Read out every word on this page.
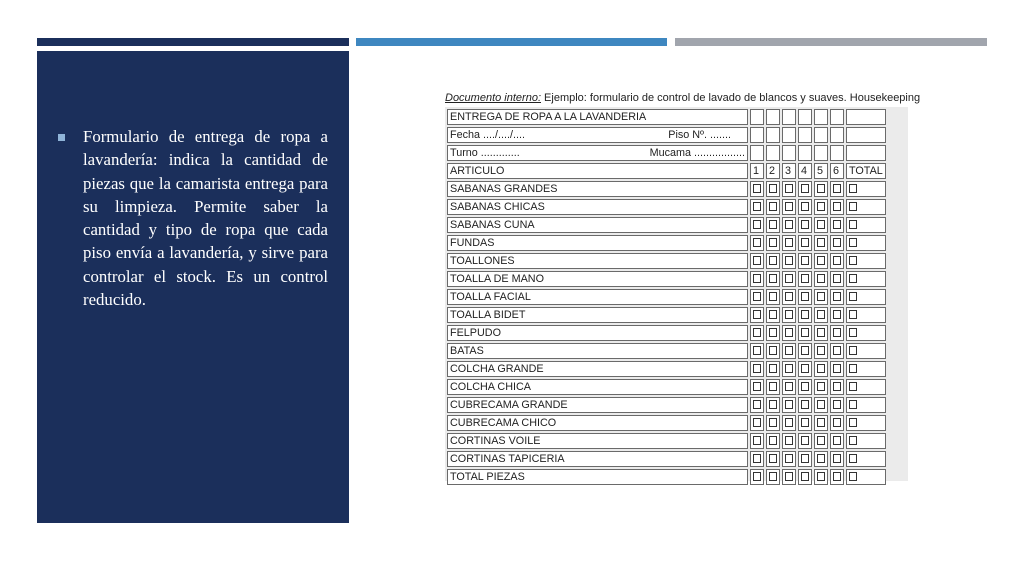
Formulario de entrega de ropa a lavandería: indica la cantidad de piezas que la camarista entrega para su limpieza. Permite saber la cantidad y tipo de ropa que cada piso envía a lavandería, y sirve para controlar el stock. Es un control reducido.
Documento interno: Ejemplo: formulario de control de lavado de blancos y suaves. Housekeeping
ENTREGA DE ROPA A LA LAVANDERIA							

Fecha ..../..../.... Piso Nº. .......							

Turno ............. Mucama .................							

ARTICULO	1	2	3	4	5	6	TOTAL
SABANAS GRANDES							
SABANAS CHICAS							
SABANAS CUNA							
FUNDAS							
TOALLONES							
TOALLA DE MANO							
TOALLA FACIAL							
TOALLA BIDET							
FELPUDO							
BATAS							
COLCHA GRANDE							
COLCHA CHICA							
CUBRECAMA GRANDE							
CUBRECAMA CHICO							
CORTINAS VOILE							
CORTINAS TAPICERIA							
TOTAL PIEZAS							
